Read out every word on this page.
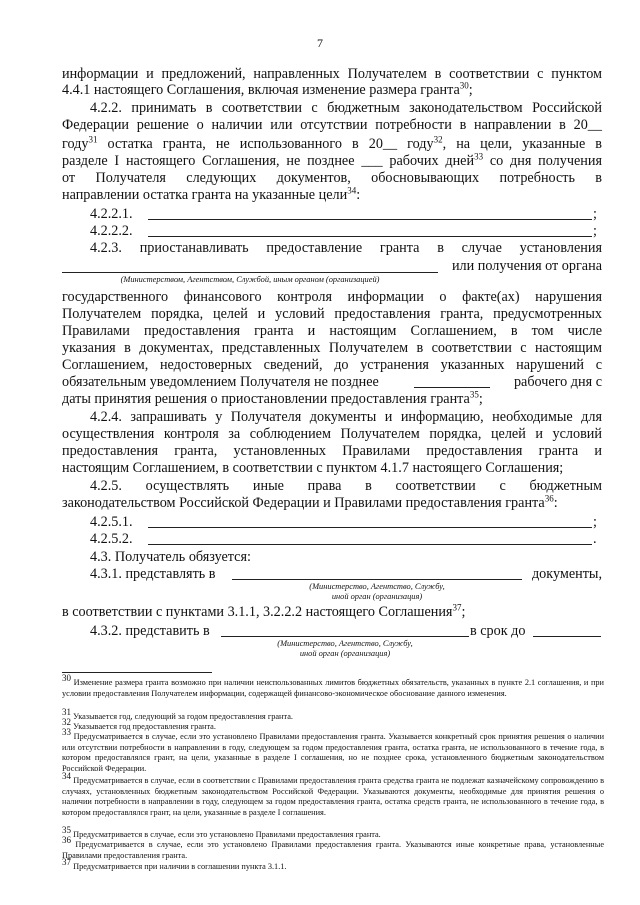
7
информации и предложений, направленных Получателем в соответствии с пунктом
4.4.1 настоящего Соглашения, включая изменение размера гранта$^{30}$;
4.2.2. принимать в соответствии с бюджетным законодательством Российской
Федерации решение о наличии или отсутствии потребности в направлении в 20__
году$^{31}$ остатка гранта, не использованного в 20__ году$^{32}$, на цели, указанные в
разделе I настоящего Соглашения, не позднее ___ рабочих дней$^{33}$ со дня получения
от Получателя следующих документов, обосновывающих потребность в
направлении остатка гранта на указанные цели$^{34}$:
4.2.2.1.	;
4.2.2.2.	;
4.2.3. приостанавливать предоставление гранта в случае установления
или получения от органа
(Министерством, Агентством, Службой, иным органом (организацией)
государственного финансового контроля информации о факте(ах) нарушения
Получателем порядка, целей и условий предоставления гранта, предусмотренных
Правилами предоставления гранта и настоящим Соглашением, в том числе
указания в документах, представленных Получателем в соответствии с настоящим
Соглашением, недостоверных сведений, до устранения указанных нарушений с
обязательным уведомлением Получателя не позднее	рабочего дня с
даты принятия решения о приостановлении предоставления гранта$^{35}$;
4.2.4. запрашивать у Получателя документы и информацию, необходимые для
осуществления контроля за соблюдением Получателем порядка, целей и условий
предоставления гранта, установленных Правилами предоставления гранта и
настоящим Соглашением, в соответствии с пунктом 4.1.7 настоящего Соглашения;
4.2.5. осуществлять иные права в соответствии с бюджетным
законодательством Российской Федерации и Правилами предоставления гранта$^{36}$:
4.2.5.1.	;
4.2.5.2.	.
4.3. Получатель обязуется:
4.3.1. представлять в	документы,
(Министерство, Агентство, Службу,
иной орган (организация)
в соответствии с пунктами 3.1.1, 3.2.2.2 настоящего Соглашения$^{37}$;
4.3.2. представить в	в срок до
(Министерство, Агентство, Службу,
иной орган (организация)
$^{30}$ Изменение размера гранта возможно при наличии неиспользованных лимитов бюджетных обязательств, указанных в пункте 2.1 соглашения, и при условии предоставления Получателем информации, содержащей финансово-экономическое обоснование данного изменения.
$^{31}$ Указывается год, следующий за годом предоставления гранта.
$^{32}$ Указывается год предоставления гранта.
$^{33}$ Предусматривается в случае, если это установлено Правилами предоставления гранта. Указывается конкретный срок принятия решения о наличии или отсутствии потребности в направлении в году, следующем за годом предоставления гранта, остатка гранта, не использованного в течение года, в котором предоставлялся грант, на цели, указанные в разделе I соглашения, но не позднее срока, установленного бюджетным законодательством Российской Федерации.
$^{34}$ Предусматривается в случае, если в соответствии с Правилами предоставления гранта средства гранта не подлежат казначейскому сопровождению в случаях, установленных бюджетным законодательством Российской Федерации. Указываются документы, необходимые для принятия решения о наличии потребности в направлении в году, следующем за годом предоставления гранта, остатка средств гранта, не использованного в течение года, в котором предоставлялся грант, на цели, указанные в разделе I соглашения.
$^{35}$ Предусматривается в случае, если это установлено Правилами предоставления гранта.
$^{36}$ Предусматривается в случае, если это установлено Правилами предоставления гранта. Указываются иные конкретные права, установленные Правилами предоставления гранта.
$^{37}$ Предусматривается при наличии в соглашении пункта 3.1.1.
